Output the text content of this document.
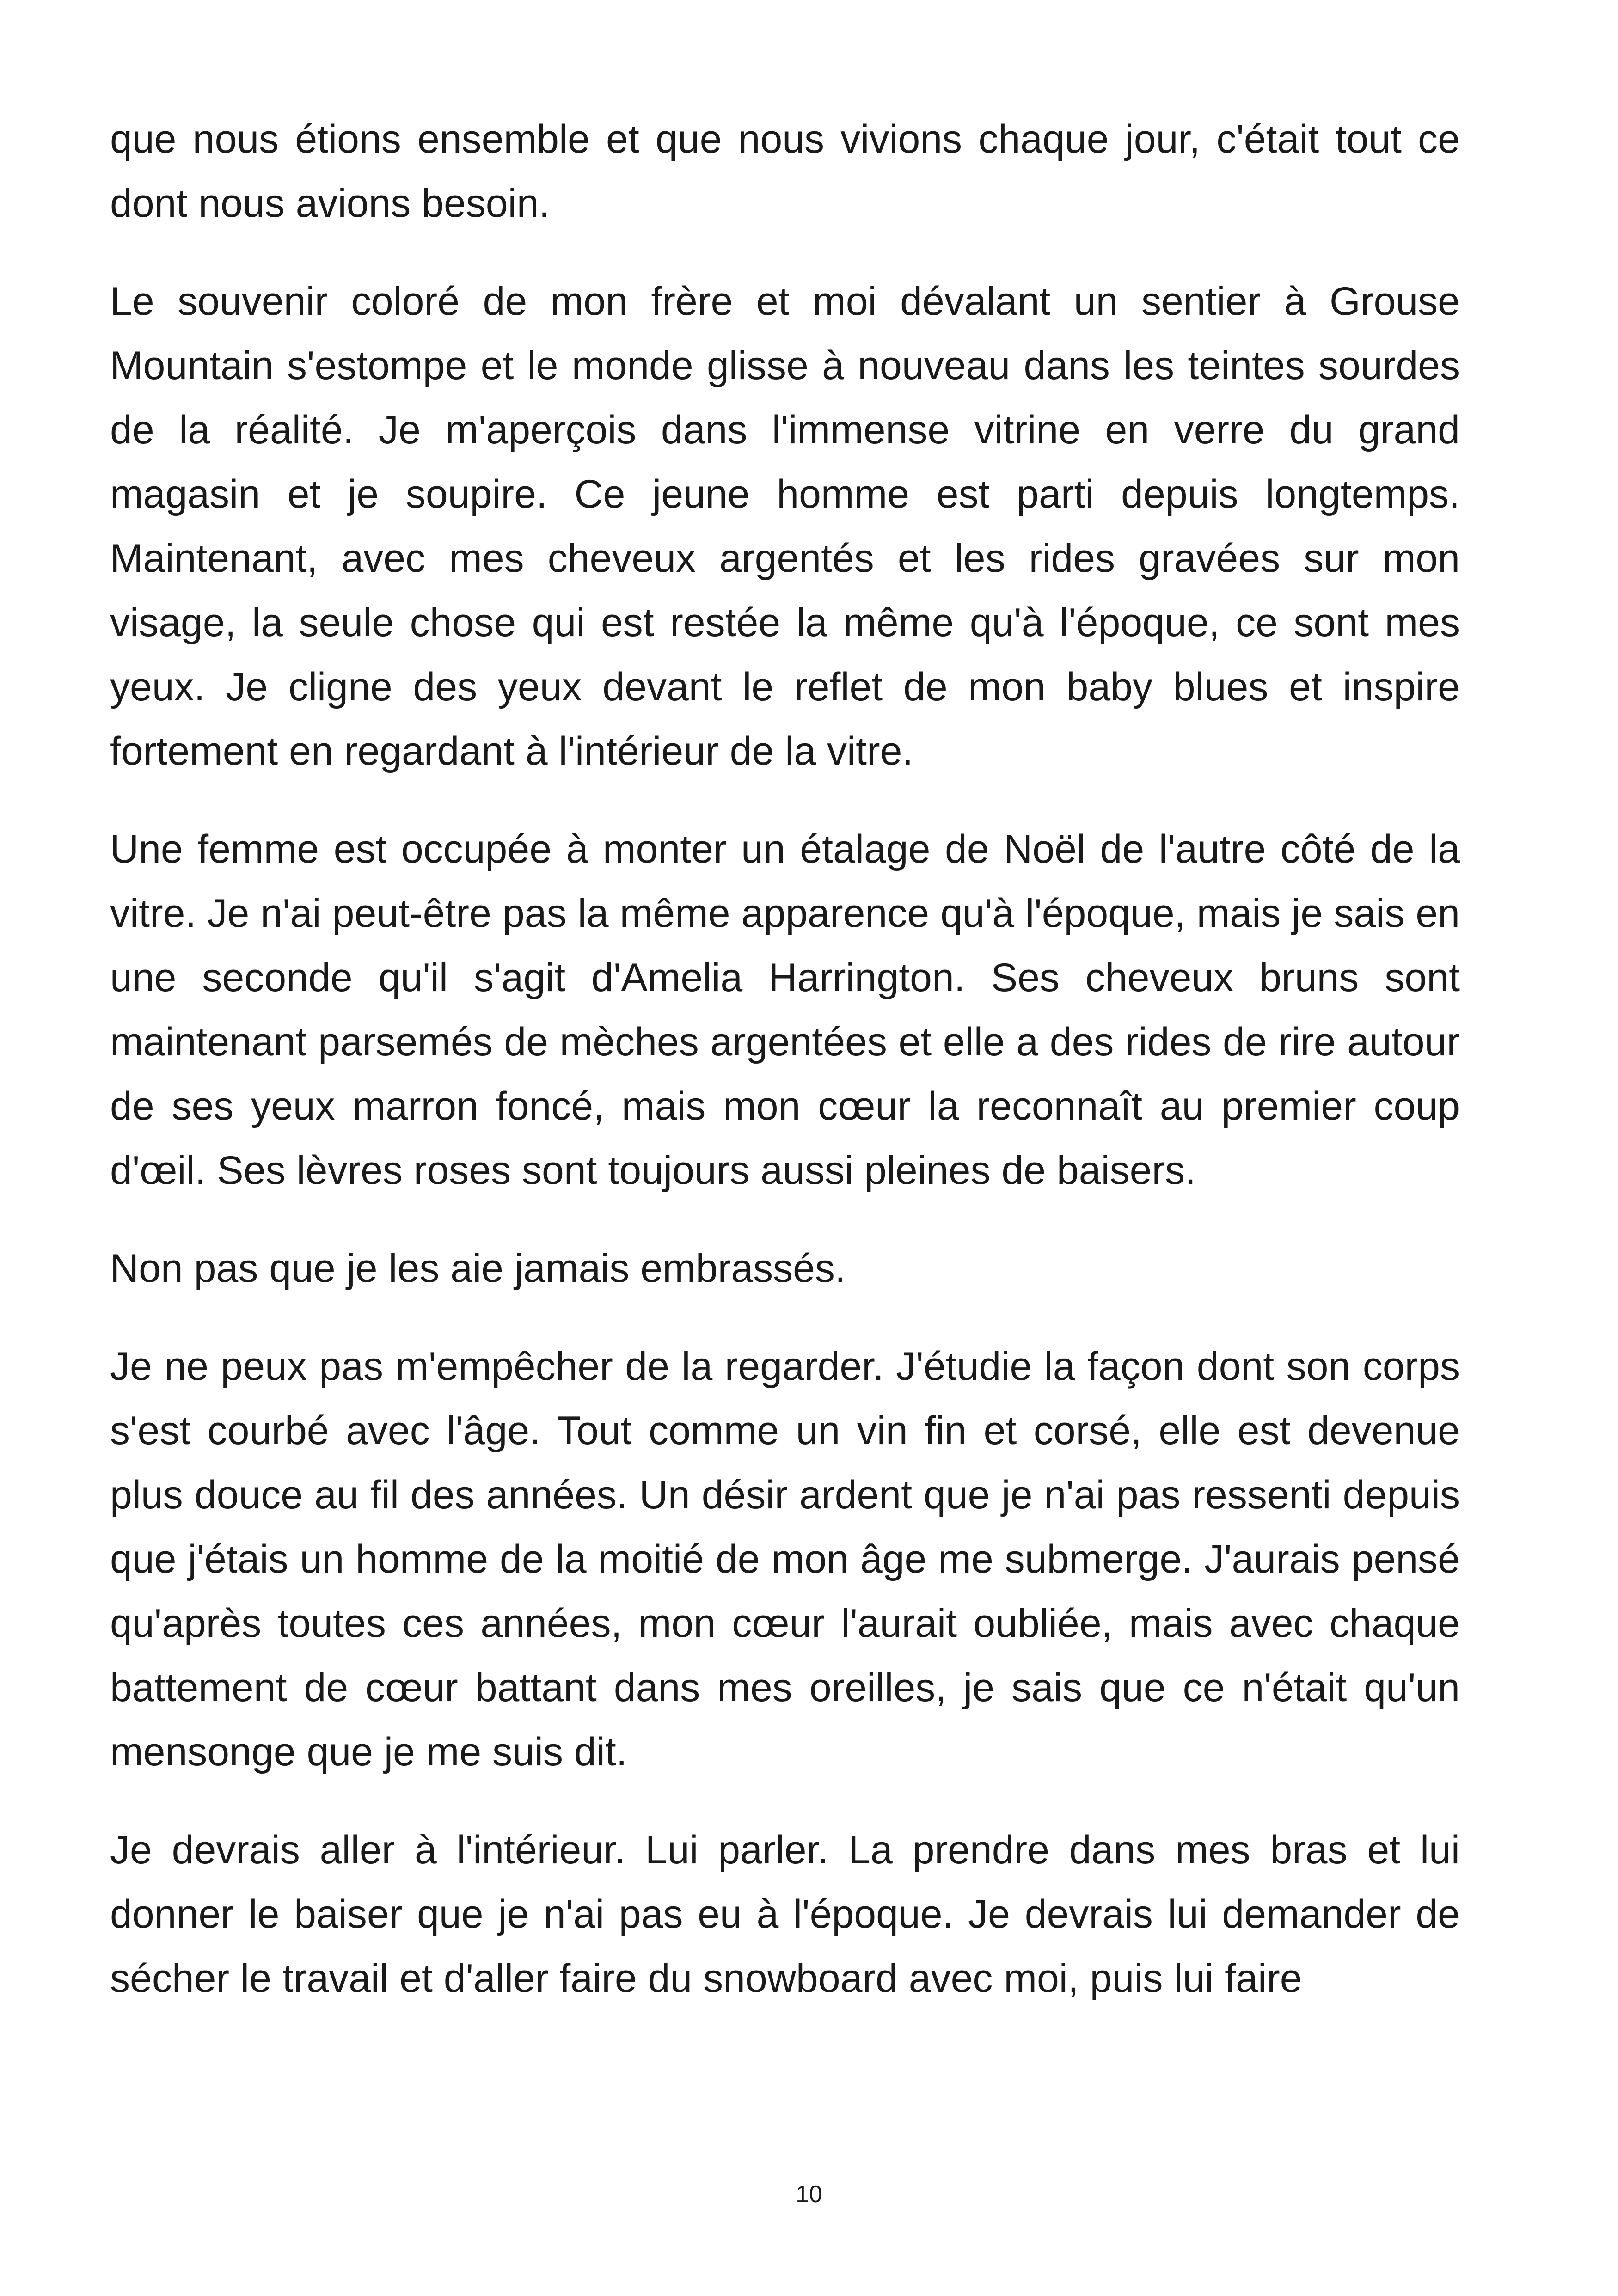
que nous étions ensemble et que nous vivions chaque jour, c'était tout ce dont nous avions besoin.

Le souvenir coloré de mon frère et moi dévalant un sentier à Grouse Mountain s'estompe et le monde glisse à nouveau dans les teintes sourdes de la réalité. Je m'aperçois dans l'immense vitrine en verre du grand magasin et je soupire. Ce jeune homme est parti depuis longtemps. Maintenant, avec mes cheveux argentés et les rides gravées sur mon visage, la seule chose qui est restée la même qu'à l'époque, ce sont mes yeux. Je cligne des yeux devant le reflet de mon baby blues et inspire fortement en regardant à l'intérieur de la vitre.

Une femme est occupée à monter un étalage de Noël de l'autre côté de la vitre. Je n'ai peut-être pas la même apparence qu'à l'époque, mais je sais en une seconde qu'il s'agit d'Amelia Harrington. Ses cheveux bruns sont maintenant parsemés de mèches argentées et elle a des rides de rire autour de ses yeux marron foncé, mais mon cœur la reconnaît au premier coup d'œil. Ses lèvres roses sont toujours aussi pleines de baisers.

Non pas que je les aie jamais embrassés.

Je ne peux pas m'empêcher de la regarder. J'étudie la façon dont son corps s'est courbé avec l'âge. Tout comme un vin fin et corsé, elle est devenue plus douce au fil des années. Un désir ardent que je n'ai pas ressenti depuis que j'étais un homme de la moitié de mon âge me submerge. J'aurais pensé qu'après toutes ces années, mon cœur l'aurait oubliée, mais avec chaque battement de cœur battant dans mes oreilles, je sais que ce n'était qu'un mensonge que je me suis dit.

Je devrais aller à l'intérieur. Lui parler. La prendre dans mes bras et lui donner le baiser que je n'ai pas eu à l'époque. Je devrais lui demander de sécher le travail et d'aller faire du snowboard avec moi, puis lui faire

10
